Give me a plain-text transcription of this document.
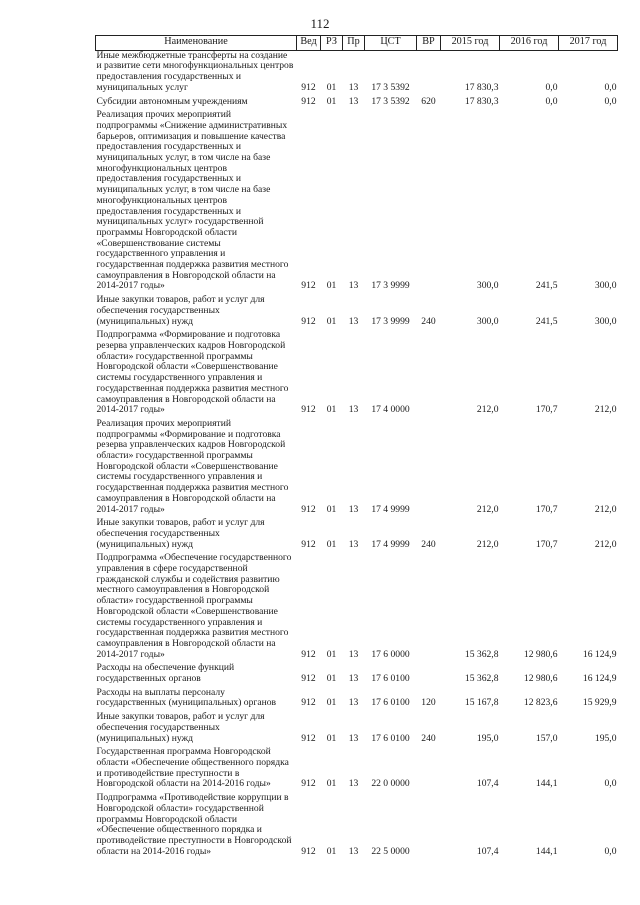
112
Наименование	Вед	РЗ	Пр	ЦСТ	ВР	2015 год	2016 год	2017 год
Иные межбюджетные трансферты на создание и развитие сети многофункциональных центров предоставления государственных и муниципальных услуг	912	01	13	17 3 5392		17 830,3	0,0	0,0
Субсидии автономным учреждениям	912	01	13	17 3 5392	620	17 830,3	0,0	0,0
Реализация прочих мероприятий подпрограммы «Снижение административных барьеров, оптимизация и повышение качества предоставления государственных и муниципальных услуг, в том числе на базе многофункциональных центров предоставления государственных и муниципальных услуг, в том числе на базе многофункциональных центров предоставления государственных и муниципальных услуг» государственной программы Новгородской области «Совершенствование системы государственного управления и государственная поддержка развития местного самоуправления в Новгородской области на 2014-2017 годы»	912	01	13	17 3 9999		300,0	241,5	300,0
Иные закупки товаров, работ и услуг для обеспечения государственных (муниципальных) нужд	912	01	13	17 3 9999	240	300,0	241,5	300,0
Подпрограмма «Формирование и подготовка резерва управленческих кадров Новгородской области» государственной программы Новгородской области «Совершенствование системы государственного управления и государственная поддержка развития местного самоуправления в Новгородской области на 2014-2017 годы»	912	01	13	17 4 0000		212,0	170,7	212,0
Реализация прочих мероприятий подпрограммы «Формирование и подготовка резерва управленческих кадров Новгородской области» государственной программы Новгородской области «Совершенствование системы государственного управления и государственная поддержка развития местного самоуправления в Новгородской области на 2014-2017 годы»	912	01	13	17 4 9999		212,0	170,7	212,0
Иные закупки товаров, работ и услуг для обеспечения государственных (муниципальных) нужд	912	01	13	17 4 9999	240	212,0	170,7	212,0
Подпрограмма «Обеспечение государственного управления в сфере государственной гражданской службы и содействия развитию местного самоуправления в Новгородской области» государственной программы Новгородской области «Совершенствование системы государственного управления и государственная поддержка развития местного самоуправления в Новгородской области на 2014-2017 годы»	912	01	13	17 6 0000		15 362,8	12 980,6	16 124,9
Расходы на обеспечение функций государственных органов	912	01	13	17 6 0100		15 362,8	12 980,6	16 124,9
Расходы на выплаты персоналу государственных (муниципальных) органов	912	01	13	17 6 0100	120	15 167,8	12 823,6	15 929,9
Иные закупки товаров, работ и услуг для обеспечения государственных (муниципальных) нужд	912	01	13	17 6 0100	240	195,0	157,0	195,0
Государственная программа Новгородской области «Обеспечение общественного порядка и противодействие преступности в Новгородской области на 2014-2016 годы»	912	01	13	22 0 0000		107,4	144,1	0,0
Подпрограмма «Противодействие коррупции в Новгородской области» государственной программы Новгородской области «Обеспечение общественного порядка и противодействие преступности в Новгородской области на 2014-2016 годы»	912	01	13	22 5 0000		107,4	144,1	0,0
